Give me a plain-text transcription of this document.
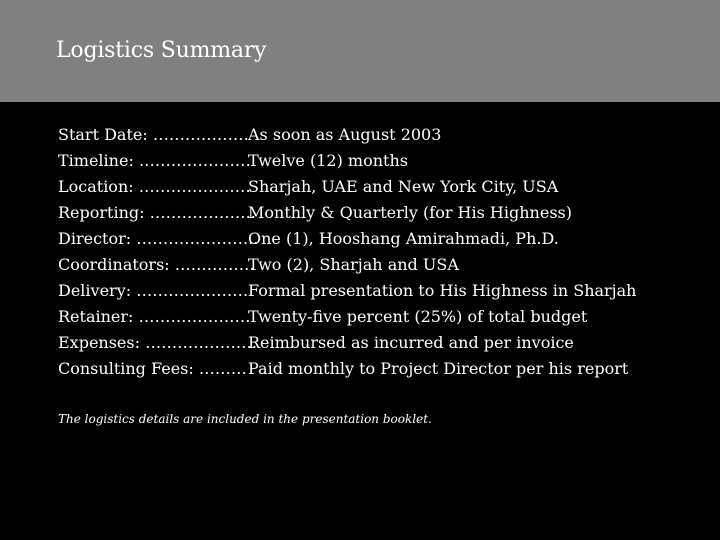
Logistics Summary
Start Date: ……………… As soon as August 2003
Timeline: …………………
Twelve (12) months
Location: …………………
Sharjah, UAE and New York City, USA
Reporting: ………………..
Monthly & Quarterly (for His Highness)
Director: …………………..
One (1), Hooshang Amirahmadi, Ph.D.
Coordinators: ……………
Two (2), Sharjah and USA
Delivery: ………………… Formal presentation to His Highness in Sharjah
Retainer: …………………
Twenty-five percent (25%) of total budget
Expenses: …………………
Reimbursed as incurred and per invoice
Consulting Fees: ……… Paid monthly to Project Director per his report

The logistics details are included in the presentation booklet.
